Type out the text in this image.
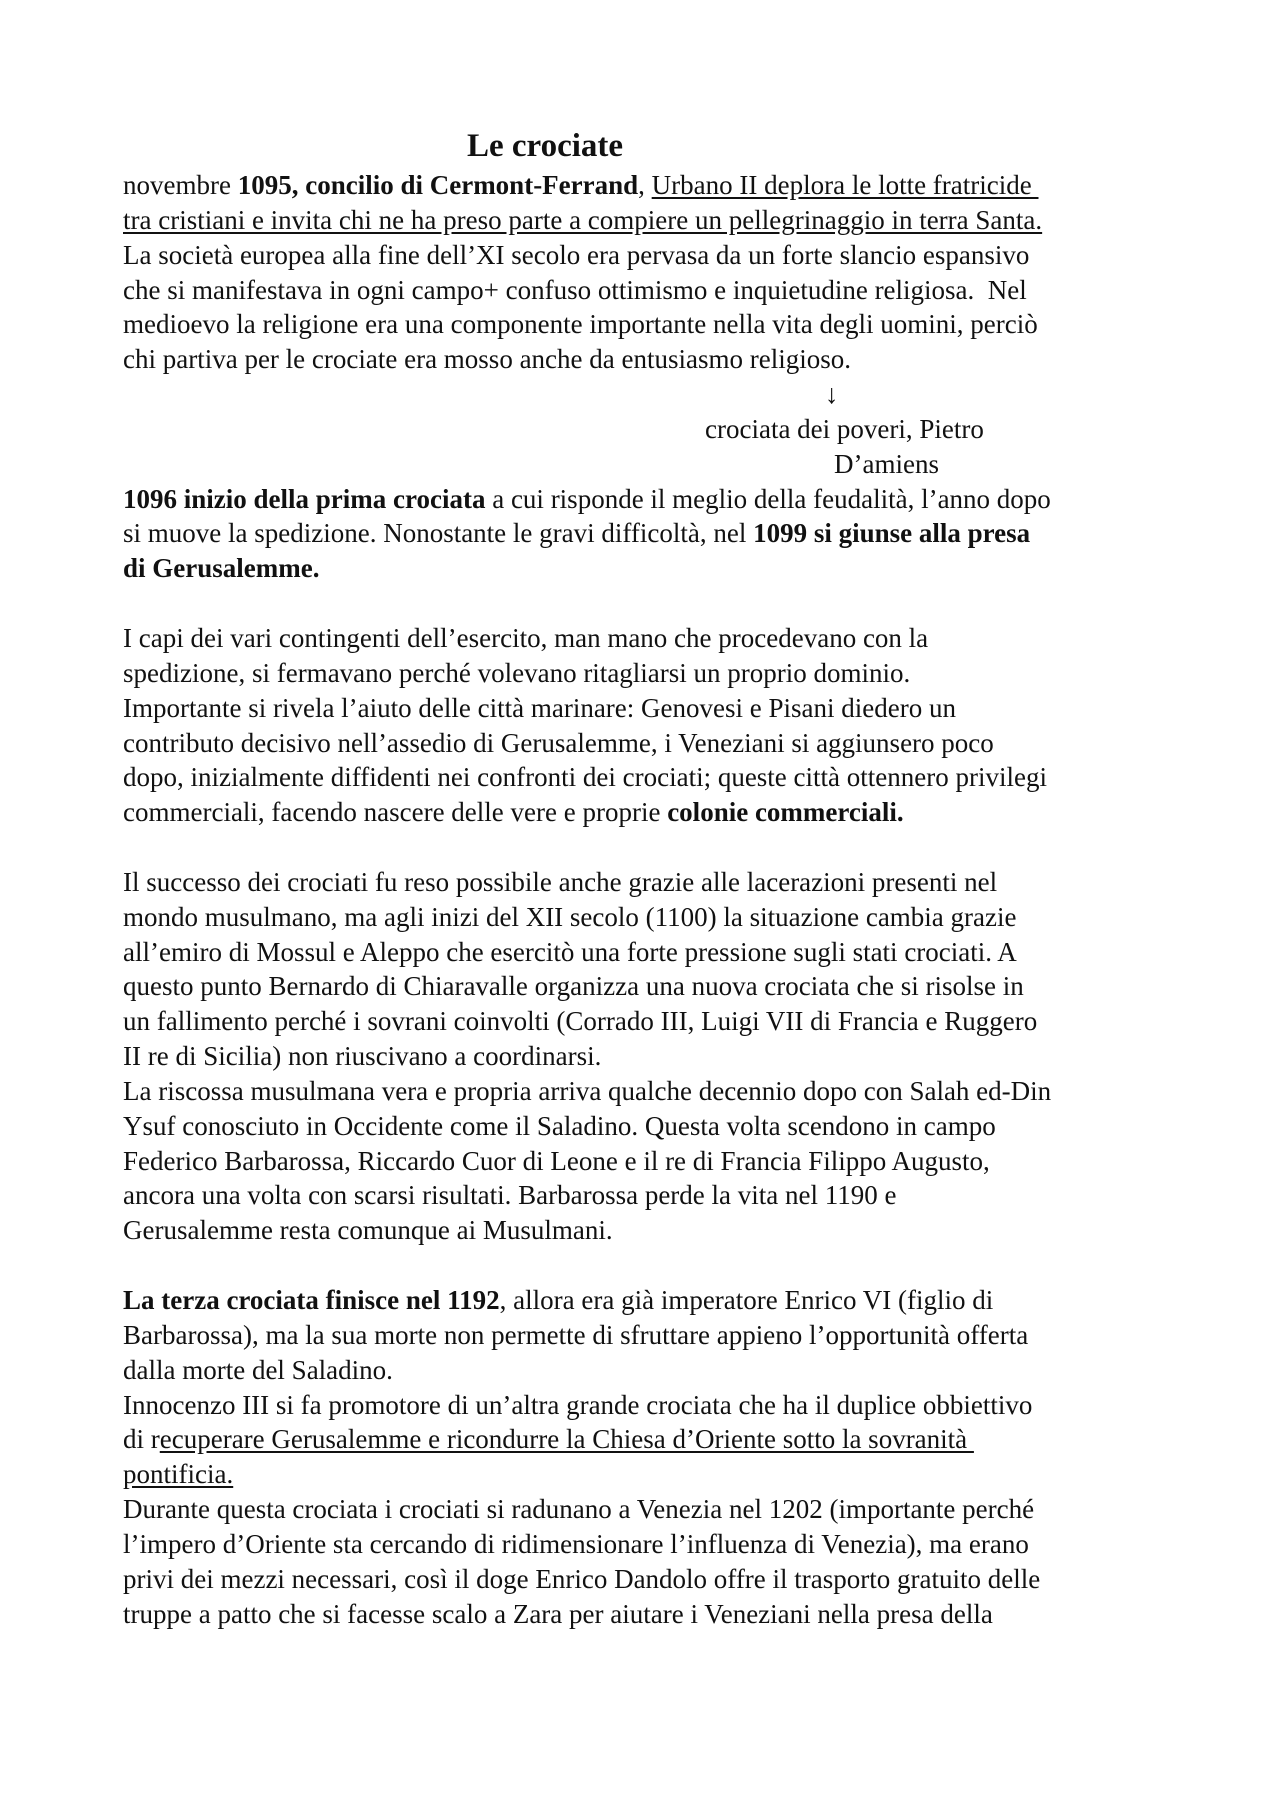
Le crociate
novembre 1095, concilio di Cermont-Ferrand, Urbano II deplora le lotte fratricide
tra cristiani e invita chi ne ha preso parte a compiere un pellegrinaggio in terra Santa.
La società europea alla fine dell’XI secolo era pervasa da un forte slancio espansivo
che si manifestava in ogni campo+ confuso ottimismo e inquietudine religiosa.  Nel
medioevo la religione era una componente importante nella vita degli uomini, perciò
chi partiva per le crociate era mosso anche da entusiasmo religioso.
↓
crociata dei poveri, Pietro
D’amiens
1096 inizio della prima crociata a cui risponde il meglio della feudalità, l’anno dopo
si muove la spedizione. Nonostante le gravi difficoltà, nel 1099 si giunse alla presa
di Gerusalemme.
I capi dei vari contingenti dell’esercito, man mano che procedevano con la
spedizione, si fermavano perché volevano ritagliarsi un proprio dominio.
Importante si rivela l’aiuto delle città marinare: Genovesi e Pisani diedero un
contributo decisivo nell’assedio di Gerusalemme, i Veneziani si aggiunsero poco
dopo, inizialmente diffidenti nei confronti dei crociati; queste città ottennero privilegi
commerciali, facendo nascere delle vere e proprie colonie commerciali.
Il successo dei crociati fu reso possibile anche grazie alle lacerazioni presenti nel
mondo musulmano, ma agli inizi del XII secolo (1100) la situazione cambia grazie
all’emiro di Mossul e Aleppo che esercitò una forte pressione sugli stati crociati. A
questo punto Bernardo di Chiaravalle organizza una nuova crociata che si risolse in
un fallimento perché i sovrani coinvolti (Corrado III, Luigi VII di Francia e Ruggero
II re di Sicilia) non riuscivano a coordinarsi.
La riscossa musulmana vera e propria arriva qualche decennio dopo con Salah ed-Din
Ysuf conosciuto in Occidente come il Saladino. Questa volta scendono in campo
Federico Barbarossa, Riccardo Cuor di Leone e il re di Francia Filippo Augusto,
ancora una volta con scarsi risultati. Barbarossa perde la vita nel 1190 e
Gerusalemme resta comunque ai Musulmani.
La terza crociata finisce nel 1192, allora era già imperatore Enrico VI (figlio di
Barbarossa), ma la sua morte non permette di sfruttare appieno l’opportunità offerta
dalla morte del Saladino.
Innocenzo III si fa promotore di un’altra grande crociata che ha il duplice obbiettivo
di recuperare Gerusalemme e ricondurre la Chiesa d’Oriente sotto la sovranità
pontificia.
Durante questa crociata i crociati si radunano a Venezia nel 1202 (importante perché
l’impero d’Oriente sta cercando di ridimensionare l’influenza di Venezia), ma erano
privi dei mezzi necessari, così il doge Enrico Dandolo offre il trasporto gratuito delle
truppe a patto che si facesse scalo a Zara per aiutare i Veneziani nella presa della
